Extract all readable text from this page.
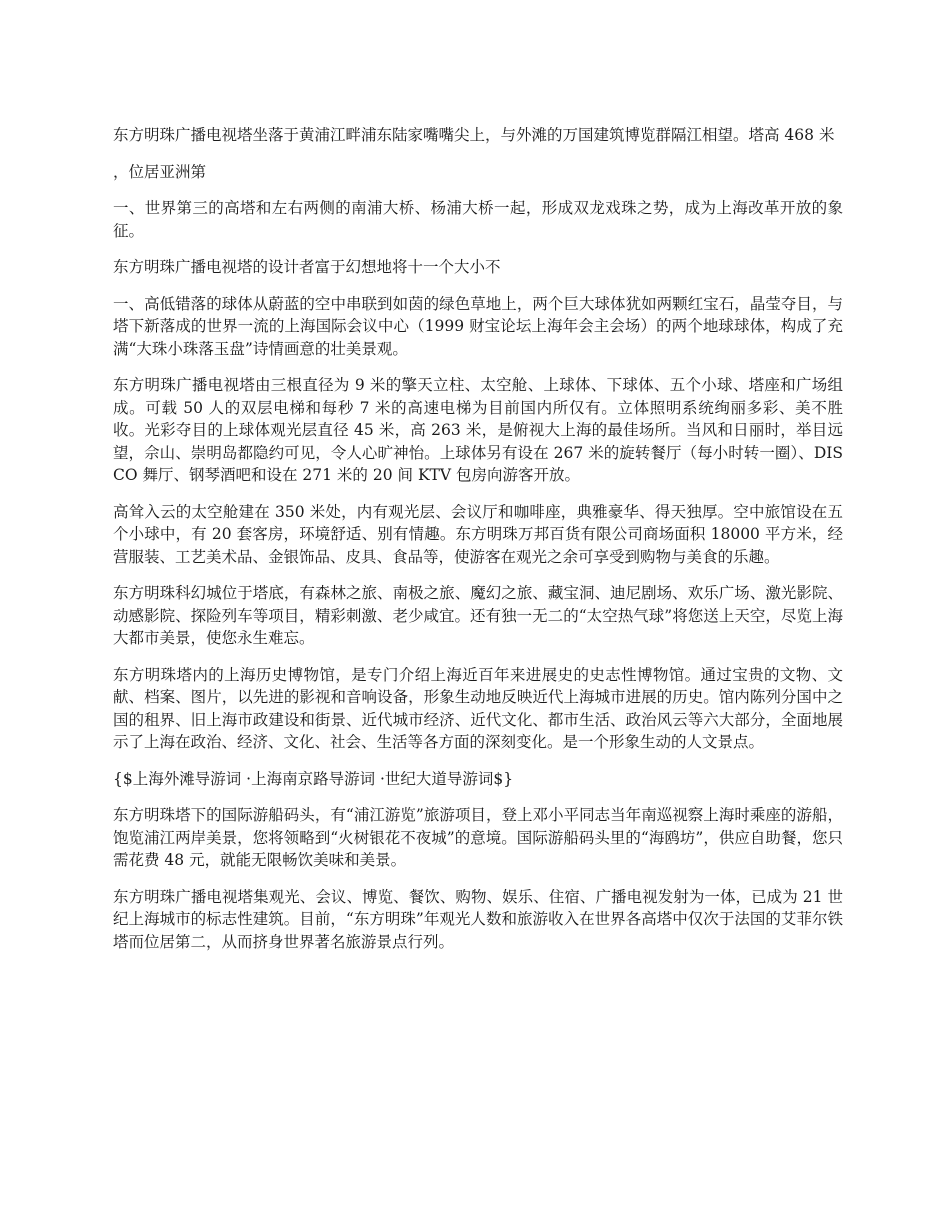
东方明珠广播电视塔坐落于黄浦江畔浦东陆家嘴嘴尖上，与外滩的万国建筑博览群隔江相望。塔高 468 米

，位居亚洲第

一、世界第三的高塔和左右两侧的南浦大桥、杨浦大桥一起，形成双龙戏珠之势，成为上海改革开放的象征。

东方明珠广播电视塔的设计者富于幻想地将十一个大小不

一、高低错落的球体从蔚蓝的空中串联到如茵的绿色草地上，两个巨大球体犹如两颗红宝石，晶莹夺目，与塔下新落成的世界一流的上海国际会议中心（1999 财宝论坛上海年会主会场）的两个地球球体，构成了充满“大珠小珠落玉盘”诗情画意的壮美景观。

东方明珠广播电视塔由三根直径为 9 米的擎天立柱、太空舱、上球体、下球体、五个小球、塔座和广场组成。可载 50 人的双层电梯和每秒 7 米的高速电梯为目前国内所仅有。立体照明系统绚丽多彩、美不胜收。光彩夺目的上球体观光层直径 45 米，高 263 米，是俯视大上海的最佳场所。当风和日丽时，举目远望，佘山、崇明岛都隐约可见，令人心旷神怡。上球体另有设在 267 米的旋转餐厅（每小时转一圈）、DISCO 舞厅、钢琴酒吧和设在 271 米的 20 间 KTV 包房向游客开放。

高耸入云的太空舱建在 350 米处，内有观光层、会议厅和咖啡座，典雅豪华、得天独厚。空中旅馆设在五个小球中，有 20 套客房，环境舒适、别有情趣。东方明珠万邦百货有限公司商场面积 18000 平方米，经营服装、工艺美术品、金银饰品、皮具、食品等，使游客在观光之余可享受到购物与美食的乐趣。

东方明珠科幻城位于塔底，有森林之旅、南极之旅、魔幻之旅、藏宝洞、迪尼剧场、欢乐广场、激光影院、动感影院、探险列车等项目，精彩刺激、老少咸宜。还有独一无二的“太空热气球”将您送上天空，尽览上海大都市美景，使您永生难忘。

东方明珠塔内的上海历史博物馆，是专门介绍上海近百年来进展史的史志性博物馆。通过宝贵的文物、文献、档案、图片，以先进的影视和音响设备，形象生动地反映近代上海城市进展的历史。馆内陈列分国中之国的租界、旧上海市政建设和街景、近代城市经济、近代文化、都市生活、政治风云等六大部分，全面地展示了上海在政治、经济、文化、社会、生活等各方面的深刻变化。是一个形象生动的人文景点。

{$上海外滩导游词 ·上海南京路导游词 ·世纪大道导游词$}

东方明珠塔下的国际游船码头，有“浦江游览”旅游项目，登上邓小平同志当年南巡视察上海时乘座的游船，饱览浦江两岸美景，您将领略到“火树银花不夜城”的意境。国际游船码头里的“海鸥坊”，供应自助餐，您只需花费 48 元，就能无限畅饮美味和美景。

东方明珠广播电视塔集观光、会议、博览、餐饮、购物、娱乐、住宿、广播电视发射为一体，已成为 21 世纪上海城市的标志性建筑。目前，“东方明珠”年观光人数和旅游收入在世界各高塔中仅次于法国的艾菲尔铁塔而位居第二，从而挤身世界著名旅游景点行列。
